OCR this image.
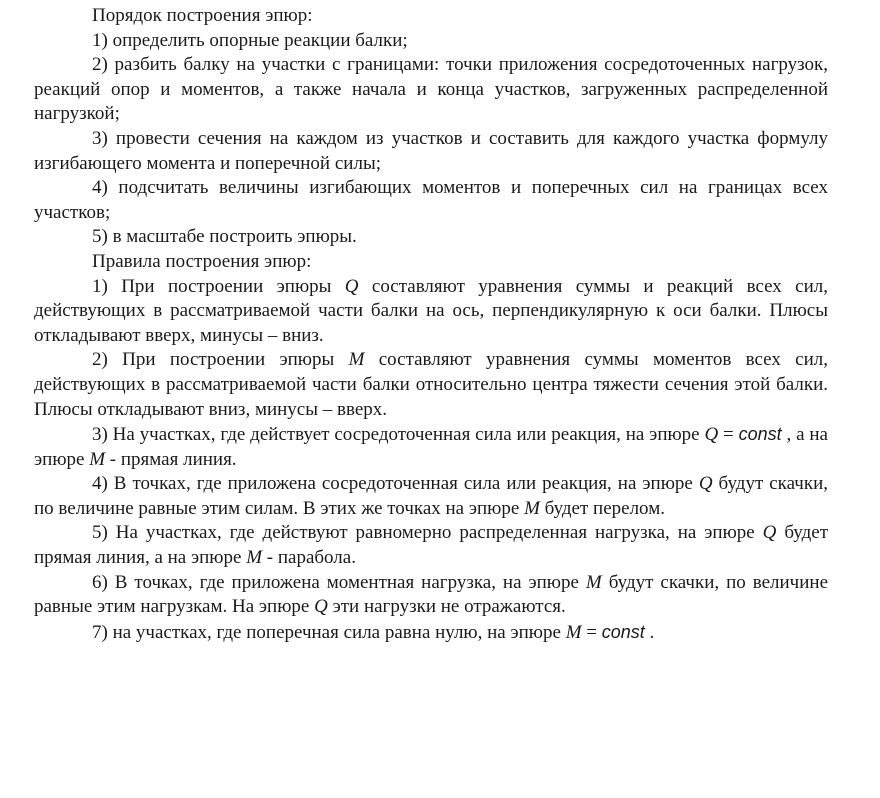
Порядок построения эпюр:

1) определить опорные реакции балки;

2) разбить балку на участки с границами: точки приложения сосредоточенных нагрузок, реакций опор и моментов, а также начала и конца участков, загруженных распределенной нагрузкой;

3) провести сечения на каждом из участков и составить для каждого участка формулу изгибающего момента и поперечной силы;

4) подсчитать величины изгибающих моментов и поперечных сил на границах всех участков;

5) в масштабе построить эпюры.

Правила построения эпюр:

1) При построении эпюры Q составляют уравнения суммы и реакций всех сил, действующих в рассматриваемой части балки на ось, перпендикулярную к оси балки. Плюсы откладывают вверх, минусы – вниз.

2) При построении эпюры M составляют уравнения суммы моментов всех сил, действующих в рассматриваемой части балки относительно центра тяжести сечения этой балки. Плюсы откладывают вниз, минусы – вверх.

3) На участках, где действует сосредоточенная сила или реакция, на эпюре Q = const , а на эпюре M - прямая линия.

4) В точках, где приложена сосредоточенная сила или реакция, на эпюре Q будут скачки, по величине равные этим силам. В этих же точках на эпюре M будет перелом.

5) На участках, где действуют равномерно распределенная нагрузка, на эпюре Q будет прямая линия, а на эпюре M - парабола.

6) В точках, где приложена моментная нагрузка, на эпюре M будут скачки, по величине равные этим нагрузкам. На эпюре Q эти нагрузки не отражаются.

7) на участках, где поперечная сила равна нулю, на эпюре M = const .
